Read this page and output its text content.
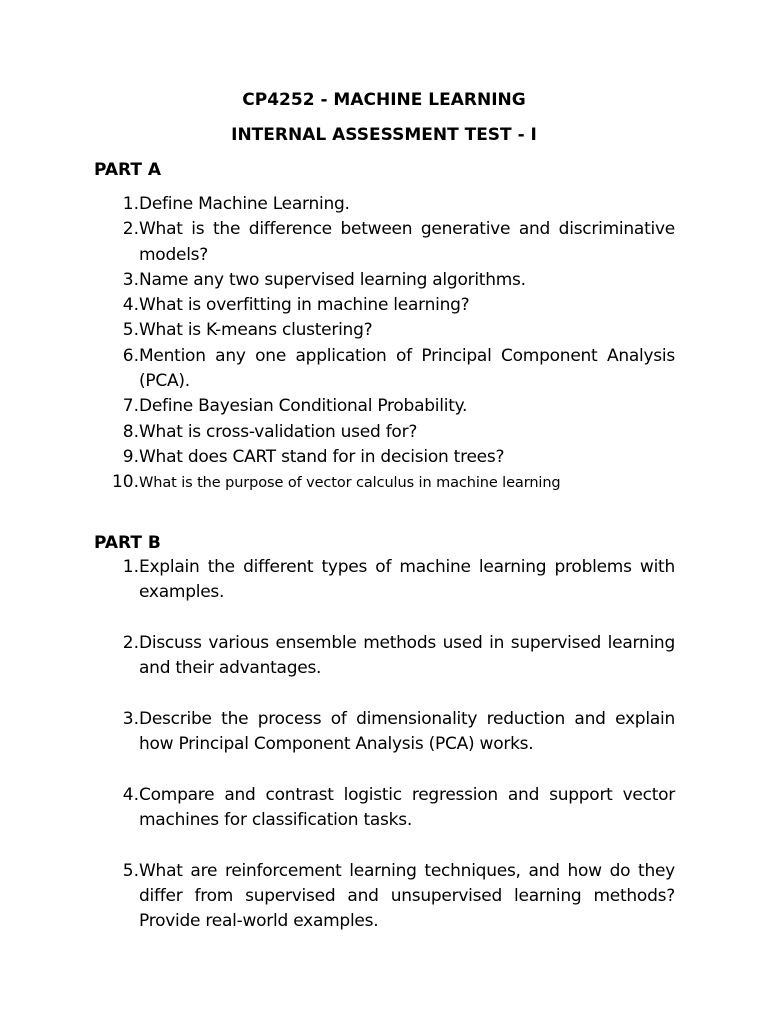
CP4252 - MACHINE LEARNING
INTERNAL ASSESSMENT TEST - I
PART A
1. Define Machine Learning.
2. What is the difference between generative and discriminative models?
3. Name any two supervised learning algorithms.
4. What is overfitting in machine learning?
5. What is K-means clustering?
6. Mention any one application of Principal Component Analysis (PCA).
7. Define Bayesian Conditional Probability.
8. What is cross-validation used for?
9. What does CART stand for in decision trees?
10. What is the purpose of vector calculus in machine learning
PART B
1. Explain the different types of machine learning problems with examples.
2. Discuss various ensemble methods used in supervised learning and their advantages.
3. Describe the process of dimensionality reduction and explain how Principal Component Analysis (PCA) works.
4. Compare and contrast logistic regression and support vector machines for classification tasks.
5. What are reinforcement learning techniques, and how do they differ from supervised and unsupervised learning methods? Provide real-world examples.
